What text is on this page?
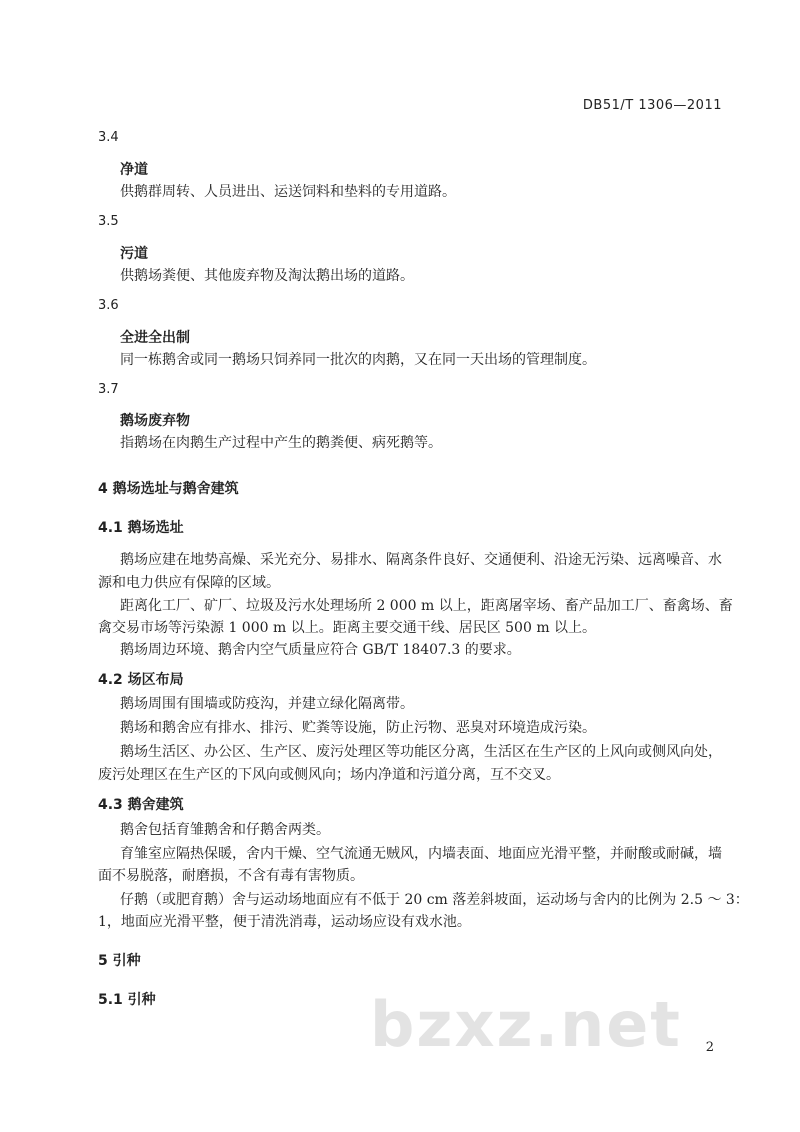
DB51/T 1306—2011
3.4
净道
供鹅群周转、人员进出、运送饲料和垫料的专用道路。
3.5
污道
供鹅场粪便、其他废弃物及淘汰鹅出场的道路。
3.6
全进全出制
同一栋鹅舍或同一鹅场只饲养同一批次的肉鹅，又在同一天出场的管理制度。
3.7
鹅场废弃物
指鹅场在肉鹅生产过程中产生的鹅粪便、病死鹅等。
4 鹅场选址与鹅舍建筑
4.1 鹅场选址
鹅场应建在地势高燥、采光充分、易排水、隔离条件良好、交通便利、沿途无污染、远离噪音、水
源和电力供应有保障的区域。
距离化工厂、矿厂、垃圾及污水处理场所 2 000 m 以上，距离屠宰场、畜产品加工厂、畜禽场、畜
禽交易市场等污染源 1 000 m 以上。距离主要交通干线、居民区 500 m 以上。
鹅场周边环境、鹅舍内空气质量应符合 GB/T 18407.3 的要求。
4.2 场区布局
鹅场周围有围墙或防疫沟，并建立绿化隔离带。
鹅场和鹅舍应有排水、排污、贮粪等设施，防止污物、恶臭对环境造成污染。
鹅场生活区、办公区、生产区、废污处理区等功能区分离，生活区在生产区的上风向或侧风向处，
废污处理区在生产区的下风向或侧风向；场内净道和污道分离，互不交叉。
4.3 鹅舍建筑
鹅舍包括育雏鹅舍和仔鹅舍两类。
育雏室应隔热保暖，舍内干燥、空气流通无贼风，内墙表面、地面应光滑平整，并耐酸或耐碱，墙
面不易脱落，耐磨损，不含有毒有害物质。
仔鹅（或肥育鹅）舍与运动场地面应有不低于 20 cm 落差斜坡面，运动场与舍内的比例为 2.5 ～ 3：
1，地面应光滑平整，便于清洗消毒，运动场应设有戏水池。
5 引种
5.1 引种	bzxz.net 2
